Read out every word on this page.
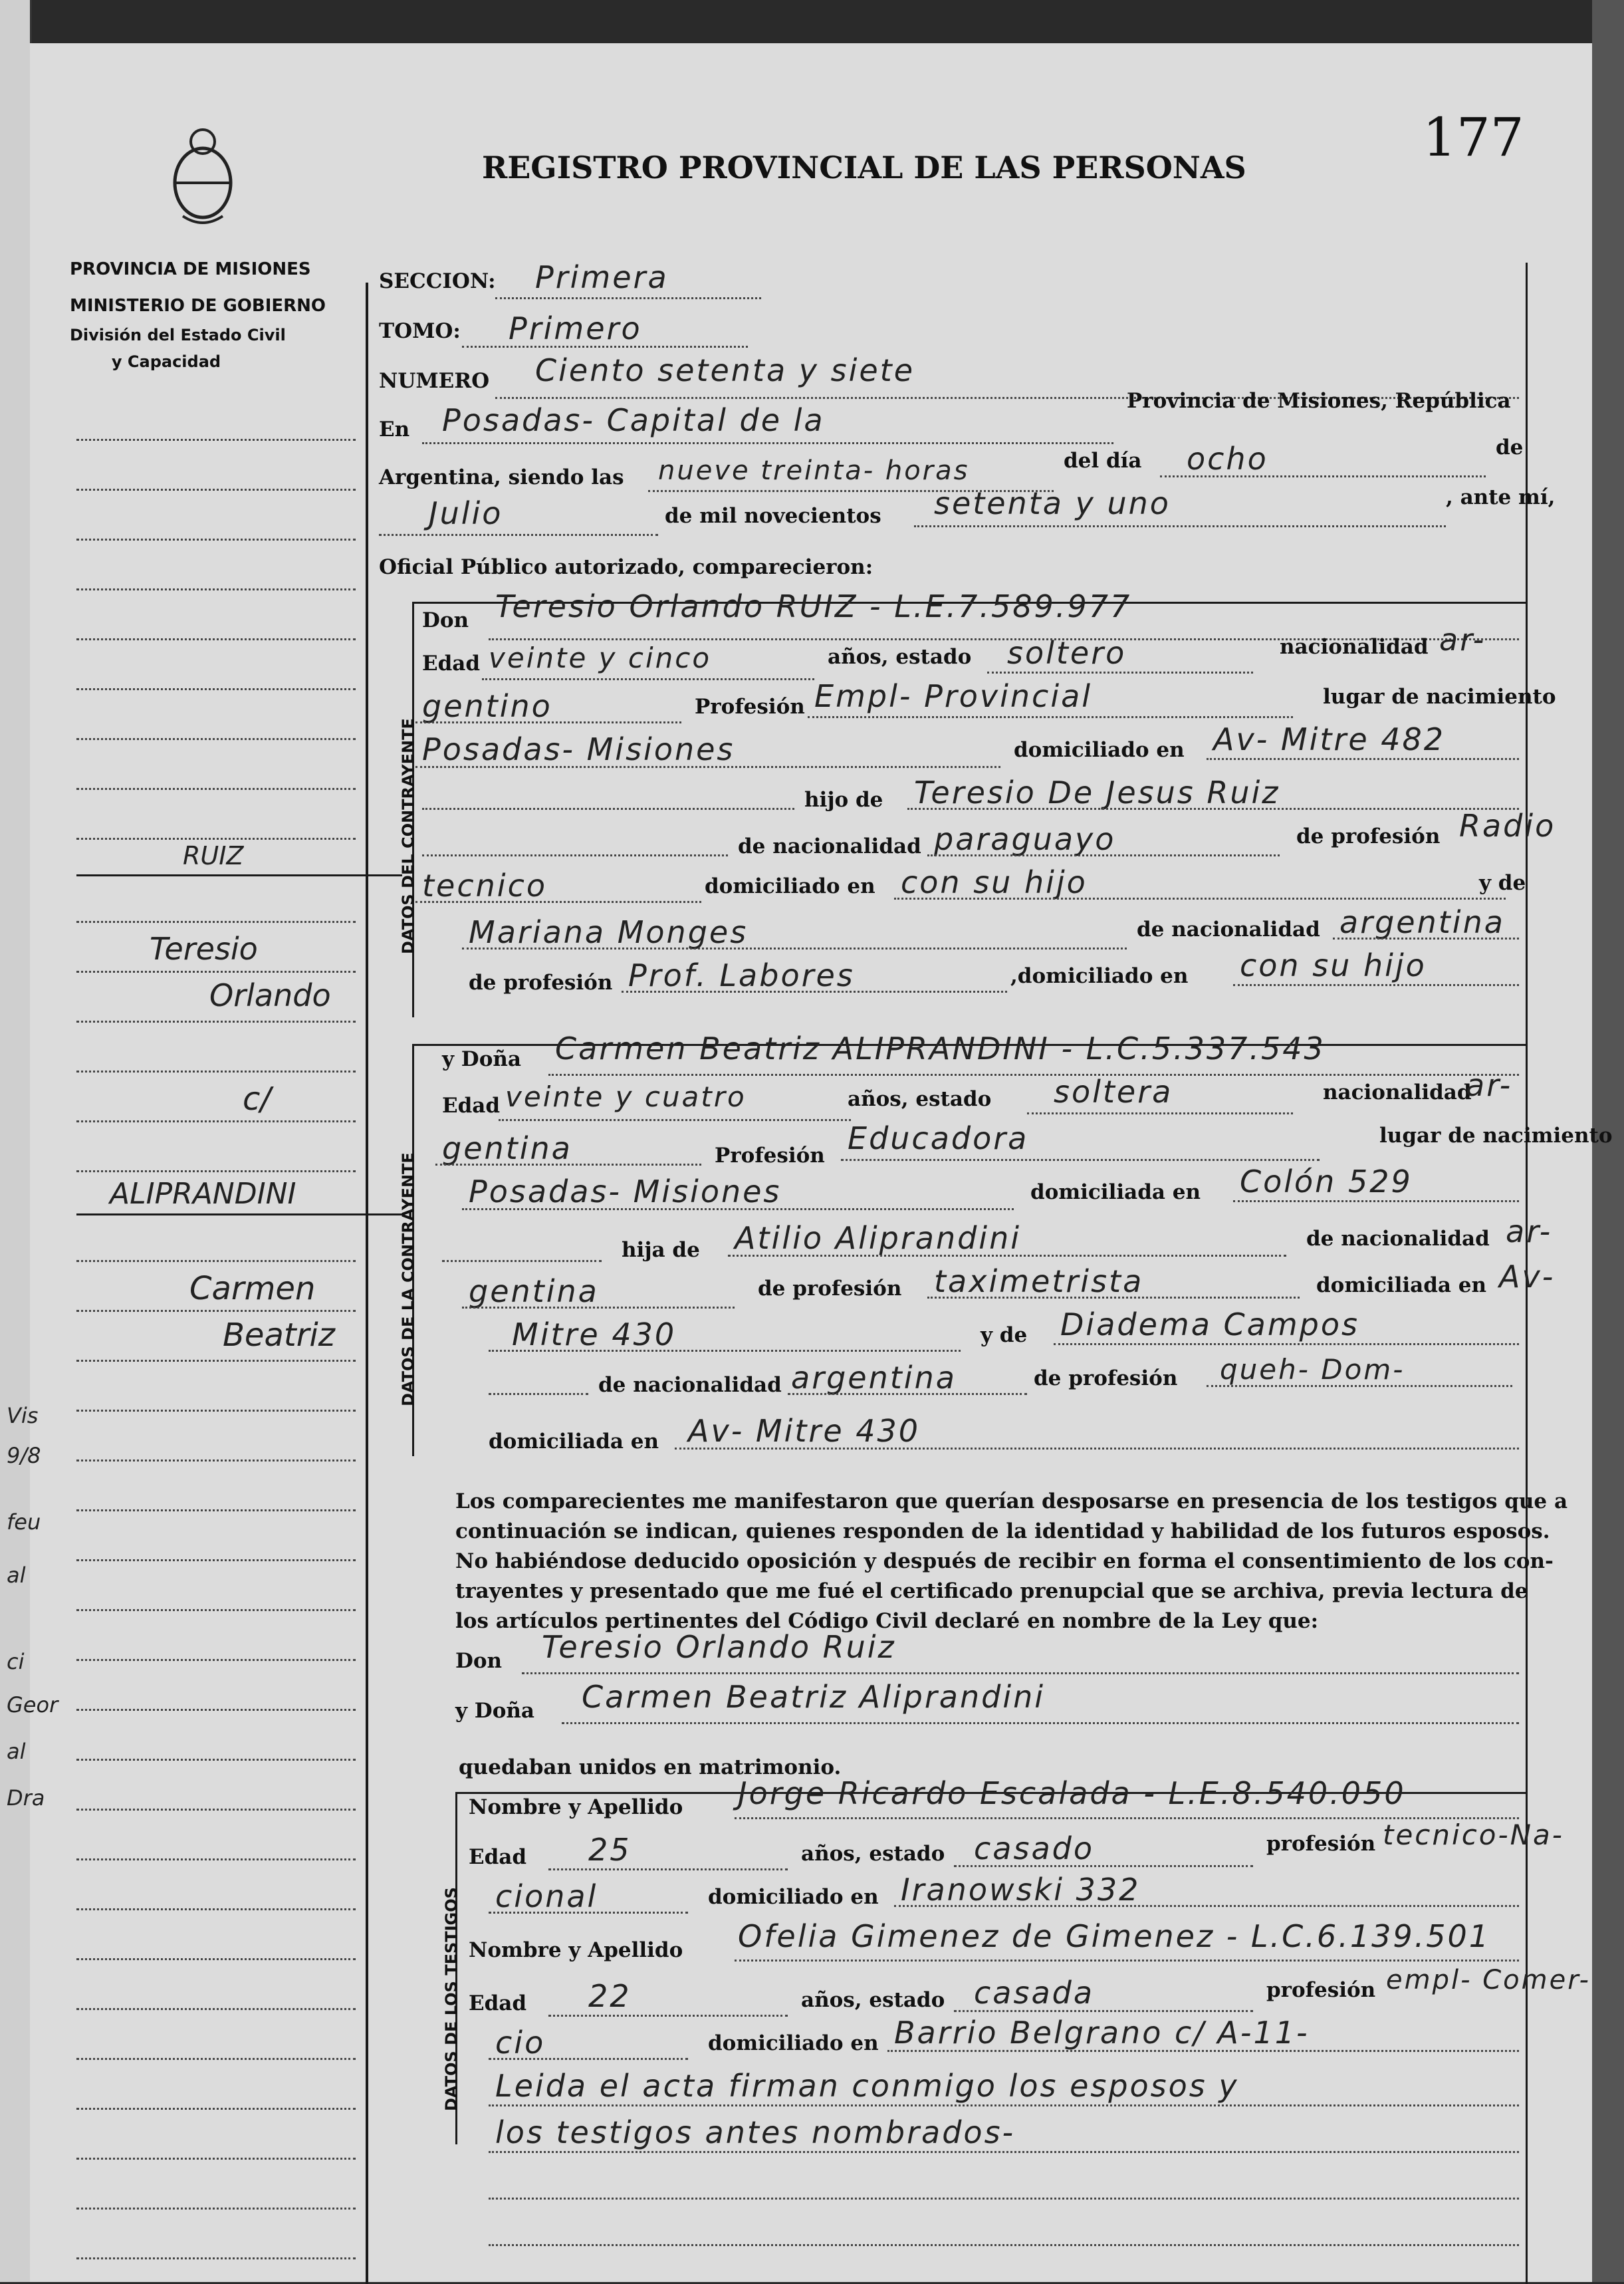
REGISTRO PROVINCIAL DE LAS PERSONAS	177
PROVINCIA DE MISIONES
MINISTERIO DE GOBIERNO
División del Estado Civil
y Capacidad
RUIZ
Teresio
Orlando
c/
ALIPRANDINI
Carmen
Beatriz
SECCION: Primera
TOMO: Primero
NUMERO Ciento setenta y siete
En Posadas- Capital de la
Provincia de Misiones, República
Argentina, siendo las nueve treinta- horas	del día ocho	de
Julio	de mil novecientos setenta y uno	, ante mí,
Oficial Público autorizado, comparecieron:
DATOS DEL CONTRAYENTE
Don Teresio Orlando RUIZ - L.E.7.589.977
Edad veinte y cinco	años, estado soltero	nacionalidad ar-
gentino	Profesión Empl- Provincial	lugar de nacimiento
Posadas- Misiones	domiciliado en Av- Mitre 482
hijo de Teresio De Jesus Ruiz
de nacionalidad paraguayo	de profesión Radio
tecnico	domiciliado en con su hijo	y de
Mariana Monges	de nacionalidad argentina
de profesión Prof. Labores	,domiciliado en con su hijo
DATOS DE LA CONTRAYENTE
y Doña Carmen Beatriz ALIPRANDINI - L.C.5.337.543
Edad veinte y cuatro	años, estado soltera	nacionalidad
ar-
gentina	Profesión Educadora	lugar de nacimiento
Posadas- Misiones	domiciliada en Colón 529
hija de Atilio Aliprandini	de nacionalidad ar-
gentina	de profesión taximetrista	domiciliada en Av-
Mitre 430	y de Diadema Campos
de nacionalidad argentina	de profesión queh- Dom-
domiciliada en Av- Mitre 430
Los comparecientes me manifestaron que querían desposarse en presencia de los testigos que a
continuación se indican, quienes responden de la identidad y habilidad de los futuros esposos.
No habiéndose deducido oposición y después de recibir en forma el consentimiento de los con-
trayentes y presentado que me fué el certificado prenupcial que se archiva, previa lectura de
los artículos pertinentes del Código Civil declaré en nombre de la Ley que:
Don Teresio Orlando Ruiz
y Doña Carmen Beatriz Aliprandini
quedaban unidos en matrimonio.
DATOS DE LOS TESTIGOS
Nombre y Apellido Jorge Ricardo Escalada - L.E.8.540.050
Edad 25	años, estado casado	profesión tecnico-Na-
cional	domiciliado en Iranowski 332
Nombre y Apellido Ofelia Gimenez de Gimenez - L.C.6.139.501
Edad 22	años, estado casada	profesión empl- Comer-
cio	domiciliado en Barrio Belgrano c/ A-11-
Leida el acta firman conmigo los esposos y
los testigos antes nombrados-
Vis
9/8
feu
al
ci
Geor
al
Dra
